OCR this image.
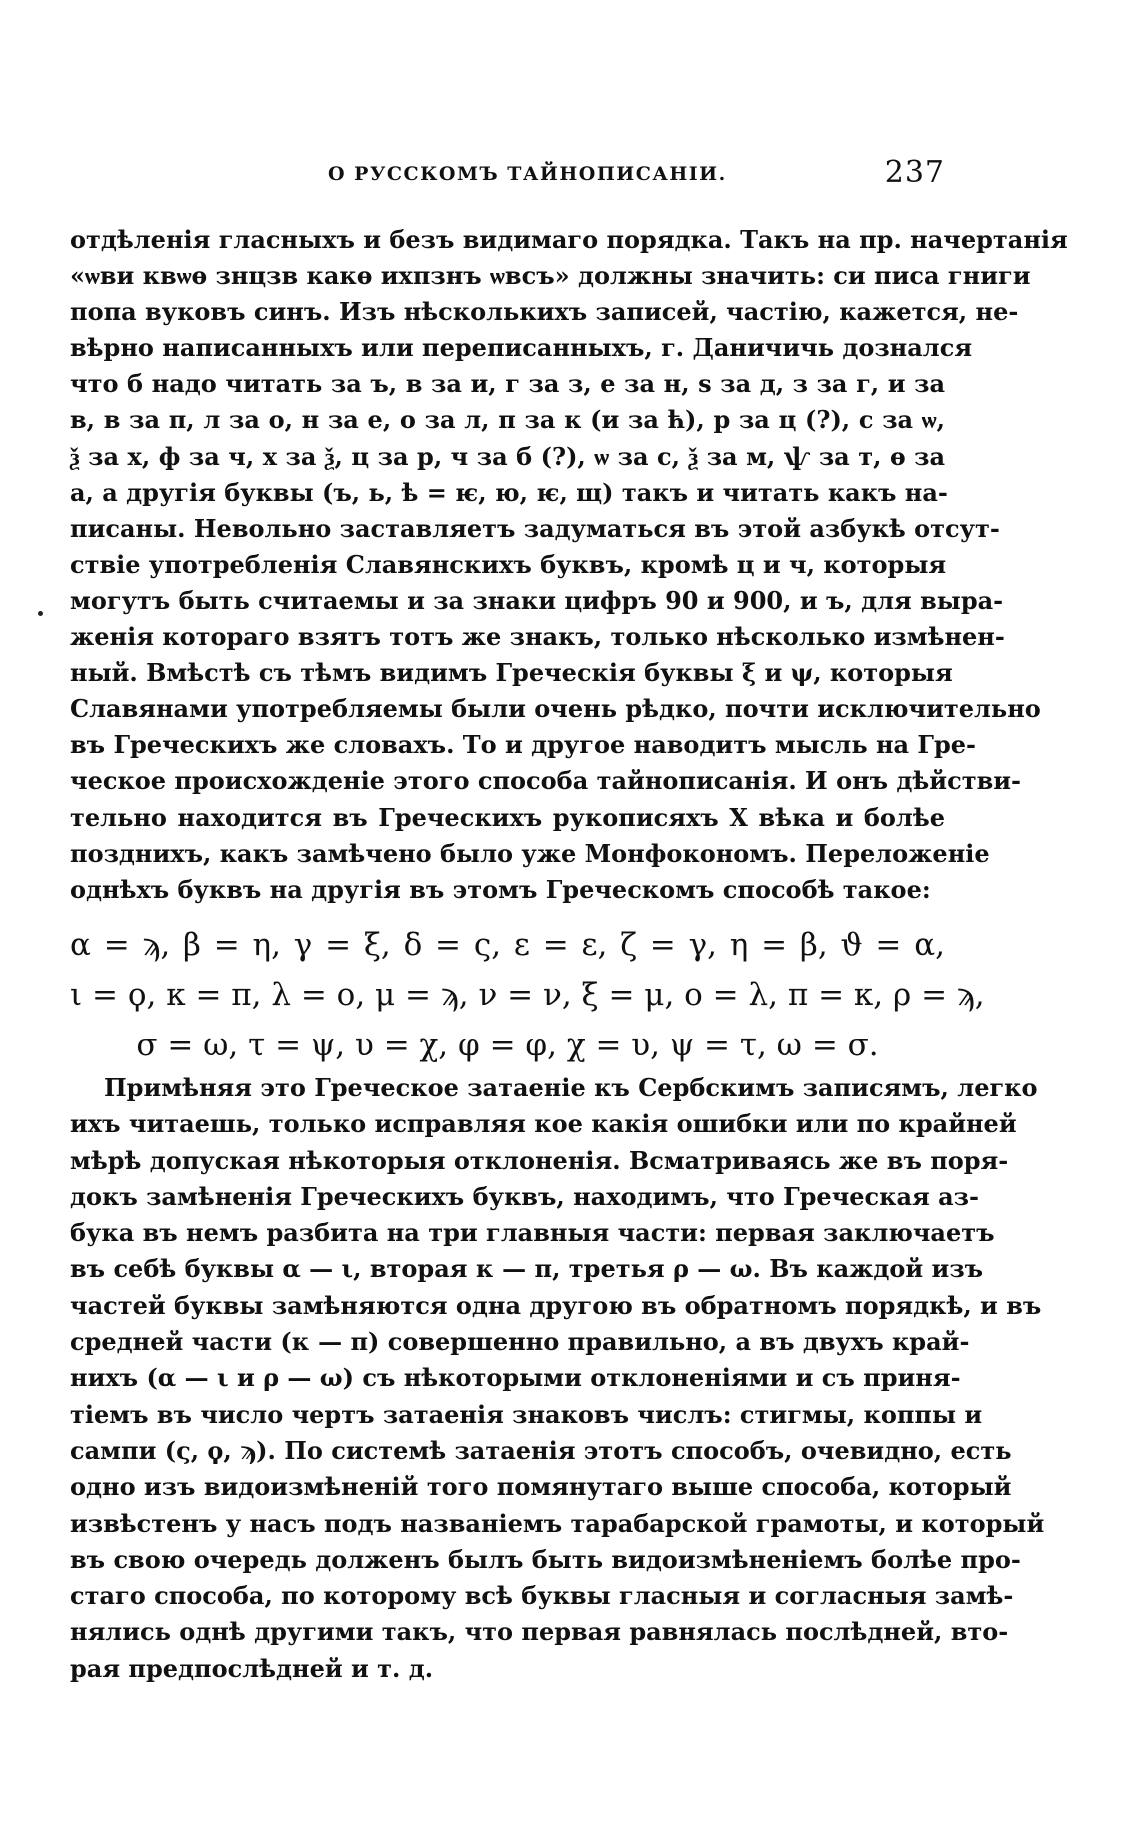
О РУССКОМЪ ТАЙНОПИСАНІИ.	237
отдѣленія гласныхъ и безъ видимаго порядка. Такъ на пр. начертанія
«ѡви квѡѳ знцзв какѳ ихпзнъ ѡвсъ» должны значить: си писа гниги
попа вуковъ синъ. Изъ нѣсколькихъ записей, частію, кажется, не-
вѣрно написанныхъ или переписанныхъ, г. Даничичь дознался
что б надо читать за ъ, в за и, г за з, е за н, ѕ за д, з за г, и за
в, в за п, л за о, н за е, о за л, п за к (и за ћ), р за ц (?), с за ѡ,
ѯ за х, ф за ч, х за ѯ, ц за р, ч за б (?), ѡ за с, ѯ за м, ѱ за т, ѳ за
а, а другія буквы (ъ, ь, ѣ = ѥ, ю, ѥ, щ) такъ и читать какъ на-
писаны. Невольно заставляетъ задуматься въ этой азбукѣ отсут-
ствіе употребленія Славянскихъ буквъ, кромѣ ц и ч, которыя
могутъ быть считаемы и за знаки цифръ 90 и 900, и ъ, для выра-
женія котораго взятъ тотъ же знакъ, только нѣсколько измѣнен-
ный. Вмѣстѣ съ тѣмъ видимъ Греческія буквы ξ и ψ, которыя
Славянами употребляемы были очень рѣдко, почти исключительно
въ Греческихъ же словахъ. То и другое наводитъ мысль на Гре-
ческое происхожденіе этого способа тайнописанія. И онъ дѣйстви-
тельно находится въ Греческихъ рукописяхъ X вѣка и болѣе
позднихъ, какъ замѣчено было уже Монфокономъ. Переложеніе
однѣхъ буквъ на другія въ этомъ Греческомъ способѣ такое:
α = ϡ, β = η, γ = ξ, δ = ς, ε = ε, ζ = γ, η = β, ϑ = α,
ι = ϙ, κ = π, λ = ο, μ = ϡ, ν = ν, ξ = μ, ο = λ, π = κ, ρ = ϡ,
σ = ω, τ = ψ, υ = χ, φ = φ, χ = υ, ψ = τ, ω = σ.
Примѣняя это Греческое затаеніе къ Сербскимъ записямъ, легко
ихъ читаешь, только исправляя кое какія ошибки или по крайней
мѣрѣ допуская нѣкоторыя отклоненія. Всматриваясь же въ поря-
докъ замѣненія Греческихъ буквъ, находимъ, что Греческая аз-
бука въ немъ разбита на три главныя части: первая заключаетъ
въ себѣ буквы α — ι, вторая κ — π, третья ρ — ω. Въ каждой изъ
частей буквы замѣняются одна другою въ обратномъ порядкѣ, и въ
средней части (κ — π) совершенно правильно, а въ двухъ край-
нихъ (α — ι и ρ — ω) съ нѣкоторыми отклоненіями и съ приня-
тіемъ въ число чертъ затаенія знаковъ числъ: стигмы, коппы и
сампи (ς, ϙ, ϡ). По системѣ затаенія этотъ способъ, очевидно, есть
одно изъ видоизмѣненій того помянутаго выше способа, который
извѣстенъ у насъ подъ названіемъ тарабарской грамоты, и который
въ свою очередь долженъ былъ быть видоизмѣненіемъ болѣе про-
стаго способа, по которому всѣ буквы гласныя и согласныя замѣ-
нялись однѣ другими такъ, что первая равнялась послѣдней, вто-
рая предпослѣдней и т. д.
